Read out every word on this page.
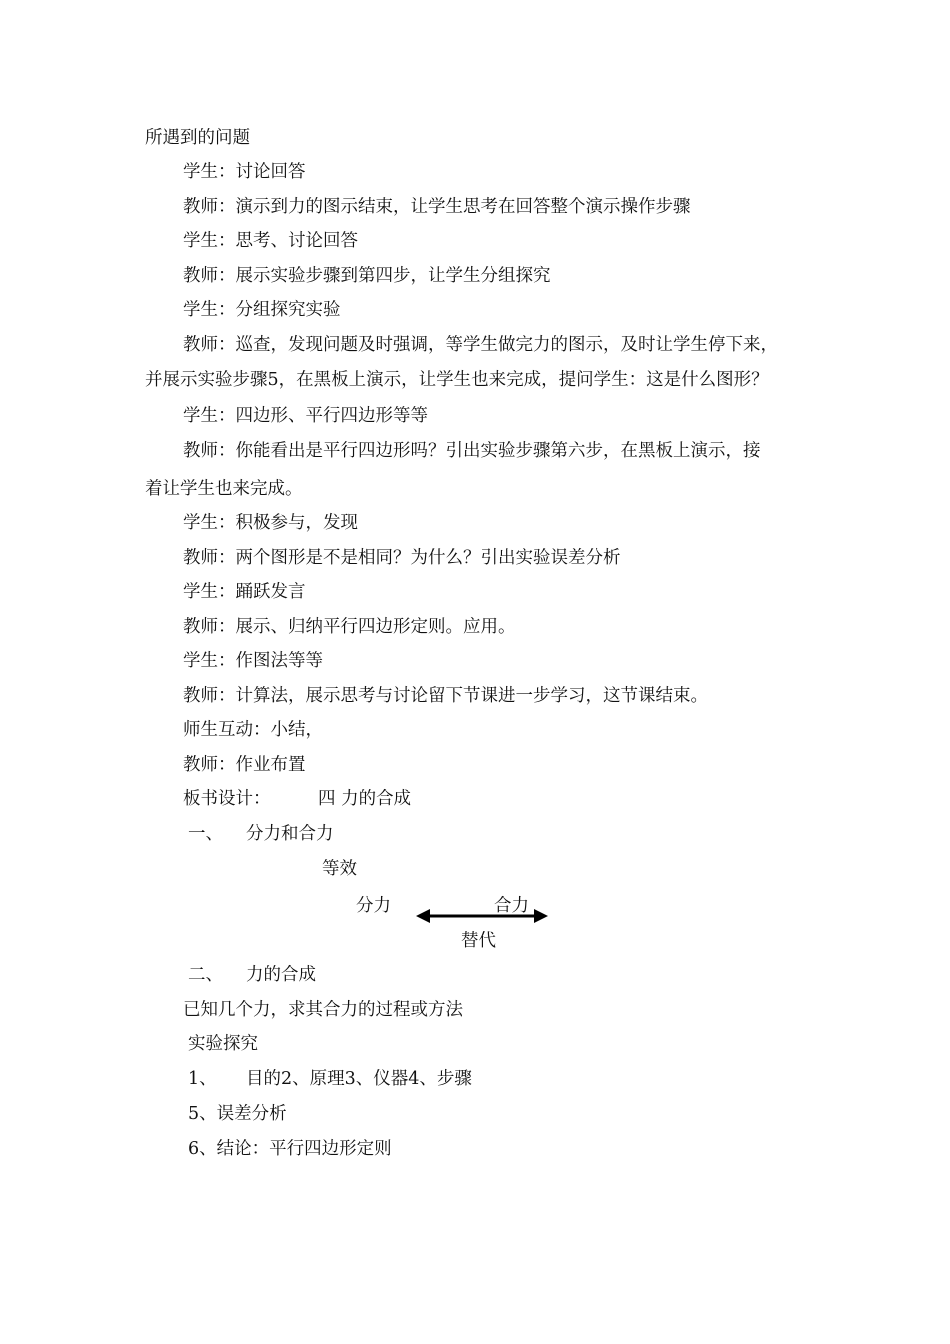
所遇到的问题
学生：讨论回答
教师：演示到力的图示结束，让学生思考在回答整个演示操作步骤
学生：思考、讨论回答
教师：展示实验步骤到第四步，让学生分组探究
学生：分组探究实验
教师：巡查，发现问题及时强调，等学生做完力的图示，及时让学生停下来，
并展示实验步骤5，在黑板上演示，让学生也来完成，提问学生：这是什么图形？
学生：四边形、平行四边形等等
教师：你能看出是平行四边形吗？引出实验步骤第六步，在黑板上演示，接
着让学生也来完成。
学生：积极参与，发现
教师：两个图形是不是相同？为什么？引出实验误差分析
学生：踊跃发言
教师：展示、归纳平行四边形定则。应用。
学生：作图法等等
教师：计算法，展示思考与讨论留下节课进一步学习，这节课结束。
师生互动：小结，
教师：作业布置
板书设计：	四 力的合成
一、 分力和合力
等效
分力	合力
替代
二、 力的合成
已知几个力，求其合力的过程或方法
实验探究
1、 目的2、原理3、仪器4、步骤
5、误差分析
6、结论：平行四边形定则
